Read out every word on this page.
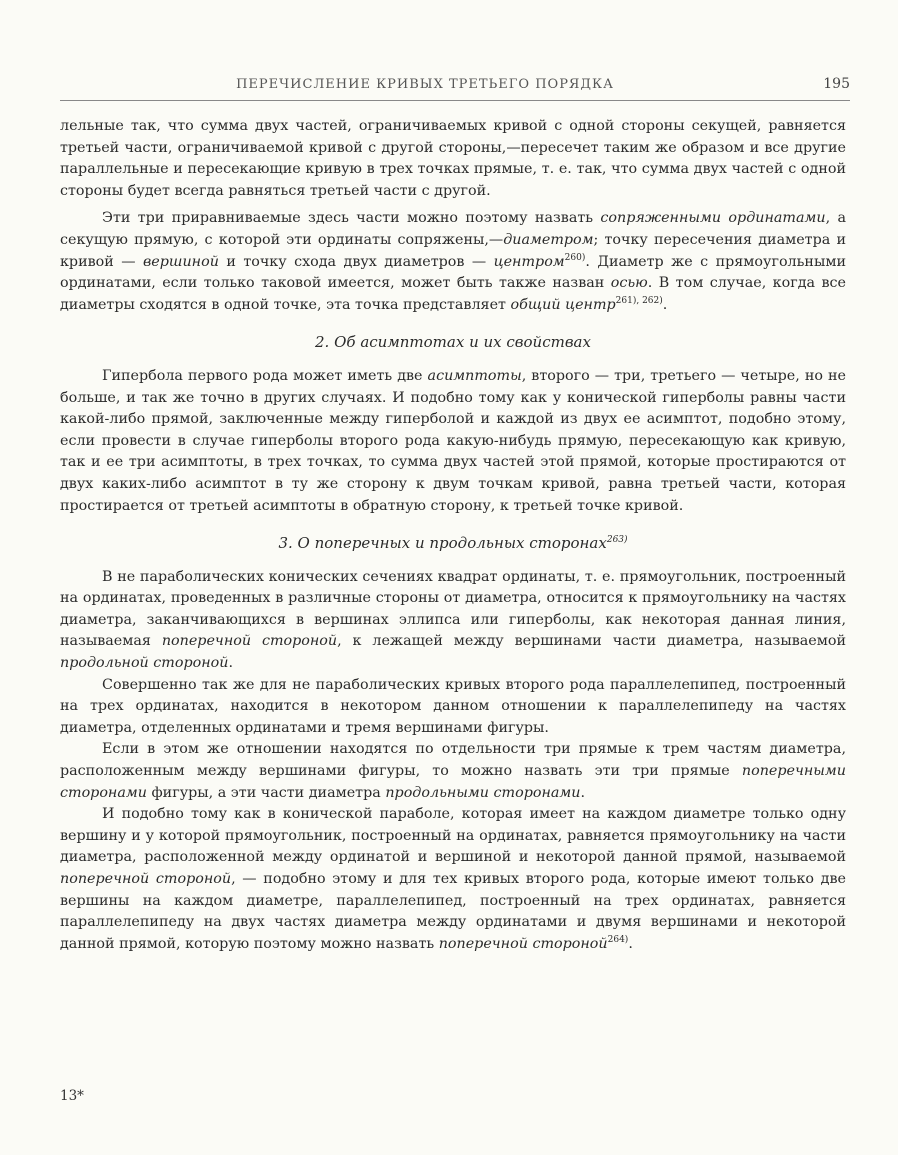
ПЕРЕЧИСЛЕНИЕ КРИВЫХ ТРЕТЬЕГО ПОРЯДКА	195

лельные так, что сумма двух частей, ограничиваемых кривой с одной стороны секущей, равняется третьей части, ограничиваемой кривой с другой стороны,—пересечет таким же образом и все другие параллельные и пересекающие кривую в трех точках прямые, т. е. так, что сумма двух частей с одной стороны будет всегда равняться третьей части с другой.

Эти три приравниваемые здесь части можно поэтому назвать сопряженными ординатами, а секущую прямую, с которой эти ординаты сопряжены,—диаметром; точку пересечения диаметра и кривой — вершиной и точку схода двух диаметров — центром$^{260)}$. Диаметр же с прямоугольными ординатами, если только таковой имеется, может быть также назван осью. В том случае, когда все диаметры сходятся в одной точке, эта точка представляет общий центр$^{261), 262)}$.

2. Об асимптотах и их свойствах

Гипербола первого рода может иметь две асимптоты, второго — три, третьего — четыре, но не больше, и так же точно в других случаях. И подобно тому как у конической гиперболы равны части какой-либо прямой, заключенные между гиперболой и каждой из двух ее асимптот, подобно этому, если провести в случае гиперболы второго рода какую-нибудь прямую, пересекающую как кривую, так и ее три асимптоты, в трех точках, то сумма двух частей этой прямой, которые простираются от двух каких-либо асимптот в ту же сторону к двум точкам кривой, равна третьей части, которая простирается от третьей асимптоты в обратную сторону, к третьей точке кривой.

3. О поперечных и продольных сторонах$^{263)}$

В не параболических конических сечениях квадрат ординаты, т. е. прямоугольник, построенный на ординатах, проведенных в различные стороны от диаметра, относится к прямоугольнику на частях диаметра, заканчивающихся в вершинах эллипса или гиперболы, как некоторая данная линия, называемая поперечной стороной, к лежащей между вершинами части диаметра, называемой продольной стороной.

Совершенно так же для не параболических кривых второго рода параллелепипед, построенный на трех ординатах, находится в некотором данном отношении к параллелепипеду на частях диаметра, отделенных ординатами и тремя вершинами фигуры.

Если в этом же отношении находятся по отдельности три прямые к трем частям диаметра, расположенным между вершинами фигуры, то можно назвать эти три прямые поперечными сторонами фигуры, а эти части диаметра продольными сторонами.

И подобно тому как в конической параболе, которая имеет на каждом диаметре только одну вершину и у которой прямоугольник, построенный на ординатах, равняется прямоугольнику на части диаметра, расположенной между ординатой и вершиной и некоторой данной прямой, называемой поперечной стороной, — подобно этому и для тех кривых второго рода, которые имеют только две вершины на каждом диаметре, параллелепипед, построенный на трех ординатах, равняется параллелепипеду на двух частях диаметра между ординатами и двумя вершинами и некоторой данной прямой, которую поэтому можно назвать поперечной стороной$^{264)}$.

13*
